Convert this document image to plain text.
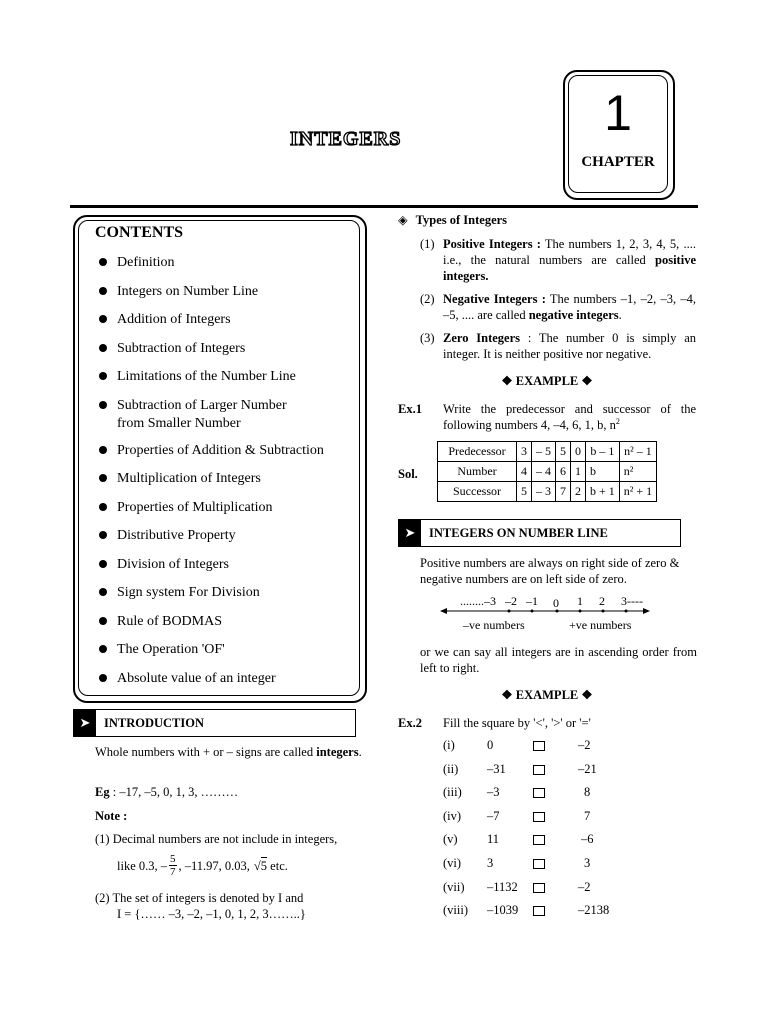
INTEGERS	1
CHAPTER
CONTENTS
Definition
Integers on Number Line
Addition of Integers
Subtraction of Integers
Limitations of the Number Line
Subtraction of Larger Number
from Smaller Number
Properties of Addition & Subtraction
Multiplication of Integers
Properties of Multiplication
Distributive Property
Division of Integers
Sign system For Division
Rule of BODMAS
The Operation 'OF'
Absolute value of an integer
➤	INTRODUCTION
Whole numbers with + or – signs are called integers.
Eg : –17, –5, 0, 1, 3, ………
Note :
(1) Decimal numbers are not include in integers,
like 0.3, – $\frac{5}{7}$ , –11.97, 0.03, √ 5 etc.
(2) The set of integers is denoted by I and
I = {…… –3, –2, –1, 0, 1, 2, 3……..}
◈ Types of Integers
(1) Positive Integers : The numbers 1, 2, 3, 4, 5, .... i.e., the natural numbers are called positive integers.
(2) Negative Integers : The numbers –1, –2, –3, –4, –5, .... are called negative integers.
(3) Zero Integers : The number 0 is simply an integer. It is neither positive nor negative.
❖ EXAMPLE ❖
Ex.1 Write the predecessor and successor of the following numbers 4, –4, 6, 1, b, $n^2$
Sol.
Predecessor	3	– 5	5	0	b – 1	n² – 1
Number	4	– 4	6	1	b	n²
Successor	5	– 3	7	2	b + 1	n² + 1
➤	INTEGERS ON NUMBER LINE
Positive numbers are always on right side of zero & negative numbers are on left side of zero.
........–3 –2 –1 0 1 2 3----
–ve numbers	+ve numbers
or we can say all integers are in ascending order from left to right.
❖ EXAMPLE ❖
Ex.2 Fill the square by '<', '>' or '='
(i)	0	–2
(ii) –31	–21
(iii) –3	8
(iv) –7	7
(v) 11	–6
(vi) 3	3
(vii) –1132	–2
(viii) –1039	–2138
